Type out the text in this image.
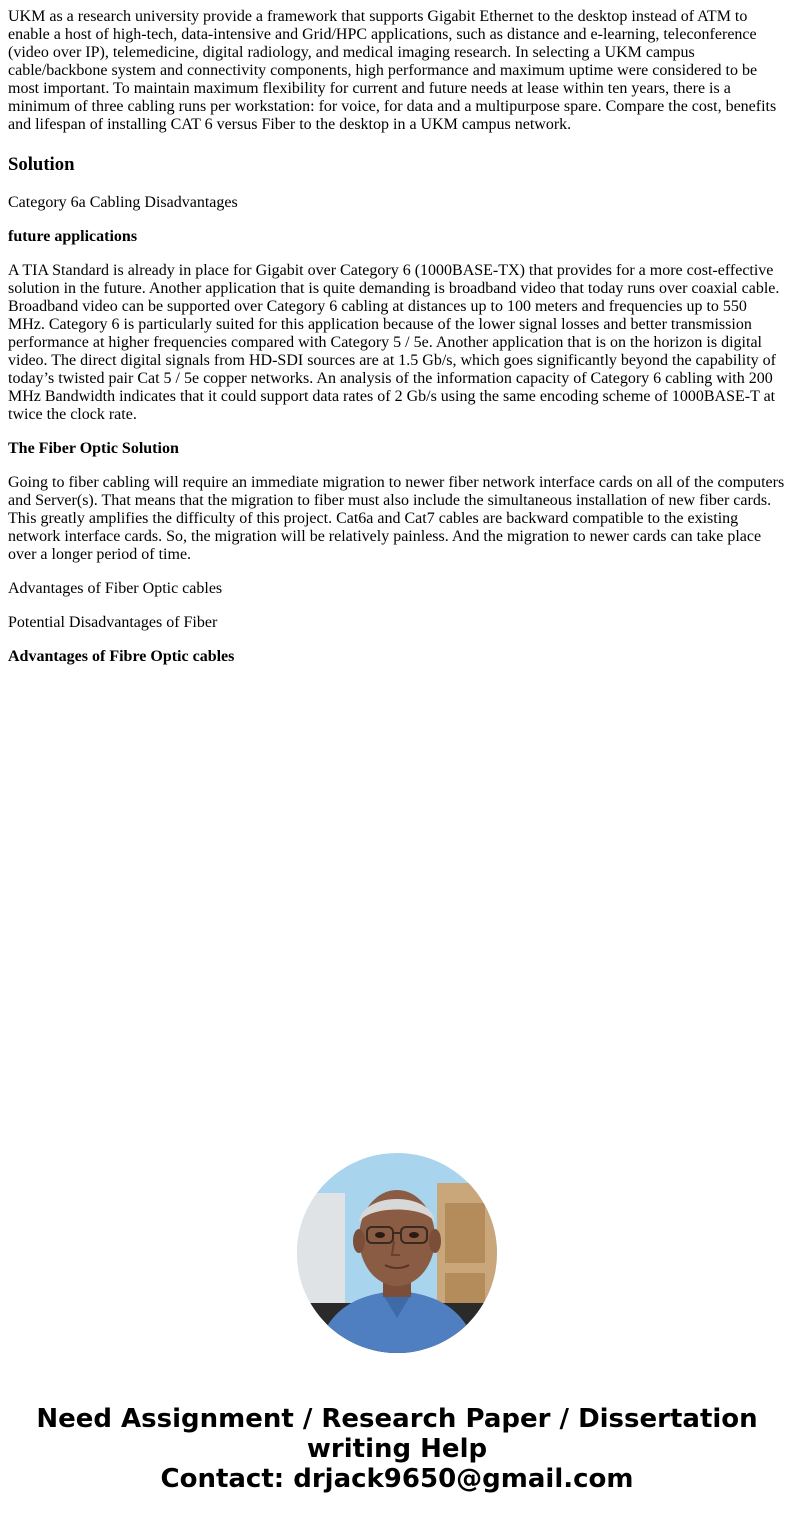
UKM as a research university provide a framework that supports Gigabit Ethernet to the desktop instead of ATM to enable a host of high-tech, data-intensive and Grid/HPC applications, such as distance and e-learning, teleconference (video over IP), telemedicine, digital radiology, and medical imaging research. In selecting a UKM campus cable/backbone system and connectivity components, high performance and maximum uptime were considered to be most important. To maintain maximum flexibility for current and future needs at lease within ten years, there is a minimum of three cabling runs per workstation: for voice, for data and a multipurpose spare. Compare the cost, benefits and lifespan of installing CAT 6 versus Fiber to the desktop in a UKM campus network.

Solution

Category 6a Cabling Disadvantages

future applications

A TIA Standard is already in place for Gigabit over Category 6 (1000BASE-TX) that provides for a more cost-effective solution in the future. Another application that is quite demanding is broadband video that today runs over coaxial cable. Broadband video can be supported over Category 6 cabling at distances up to 100 meters and frequencies up to 550 MHz. Category 6 is particularly suited for this application because of the lower signal losses and better transmission performance at higher frequencies compared with Category 5 / 5e. Another application that is on the horizon is digital video. The direct digital signals from HD-SDI sources are at 1.5 Gb/s, which goes significantly beyond the capability of today’s twisted pair Cat 5 / 5e copper networks. An analysis of the information capacity of Category 6 cabling with 200 MHz Bandwidth indicates that it could support data rates of 2 Gb/s using the same encoding scheme of 1000BASE-T at twice the clock rate.

The Fiber Optic Solution

Going to fiber cabling will require an immediate migration to newer fiber network interface cards on all of the computers and Server(s). That means that the migration to fiber must also include the simultaneous installation of new fiber cards. This greatly amplifies the difficulty of this project. Cat6a and Cat7 cables are backward compatible to the existing network interface cards. So, the migration will be relatively painless. And the migration to newer cards can take place over a longer period of time.

Advantages of Fiber Optic cables

Potential Disadvantages of Fiber

Advantages of Fibre Optic cables

Need Assignment / Research Paper / Dissertation
writing Help
Contact: drjack9650@gmail.com
